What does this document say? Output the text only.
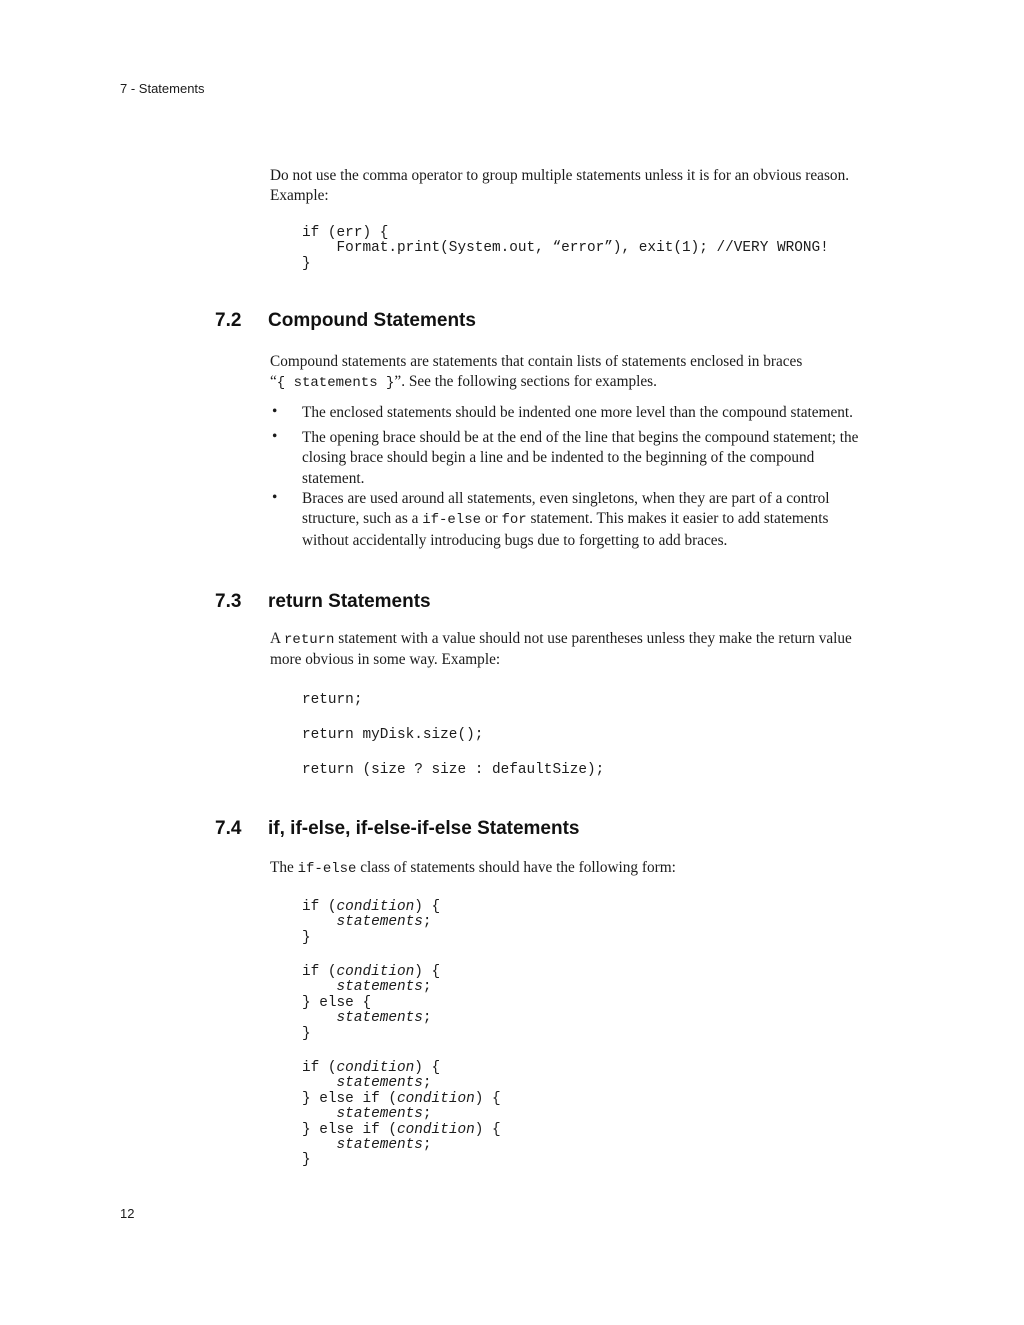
7 - Statements
Do not use the comma operator to group multiple statements unless it is for an obvious reason.
Example:
if (err) {
Format.print(System.out, “error”), exit(1); //VERY WRONG!
}
7.2 Compound Statements
Compound statements are statements that contain lists of statements enclosed in braces
“{ statements }”. See the following sections for examples.
• The enclosed statements should be indented one more level than the compound statement.
• The opening brace should be at the end of the line that begins the compound statement; the
closing brace should begin a line and be indented to the beginning of the compound
statement.
• Braces are used around all statements, even singletons, when they are part of a control
structure, such as a if-else or for statement. This makes it easier to add statements
without accidentally introducing bugs due to forgetting to add braces.
7.3 return Statements
A return statement with a value should not use parentheses unless they make the return value
more obvious in some way. Example:
return;
return myDisk.size();
return (size ? size : defaultSize);
7.4 if, if-else, if-else-if-else Statements
The if-else class of statements should have the following form:
if (condition) {
statements;
}
if (condition) {
statements;
} else {
statements;
}
if (condition) {
statements;
} else if (condition) {
statements;
} else if (condition) {
statements;
}
12
